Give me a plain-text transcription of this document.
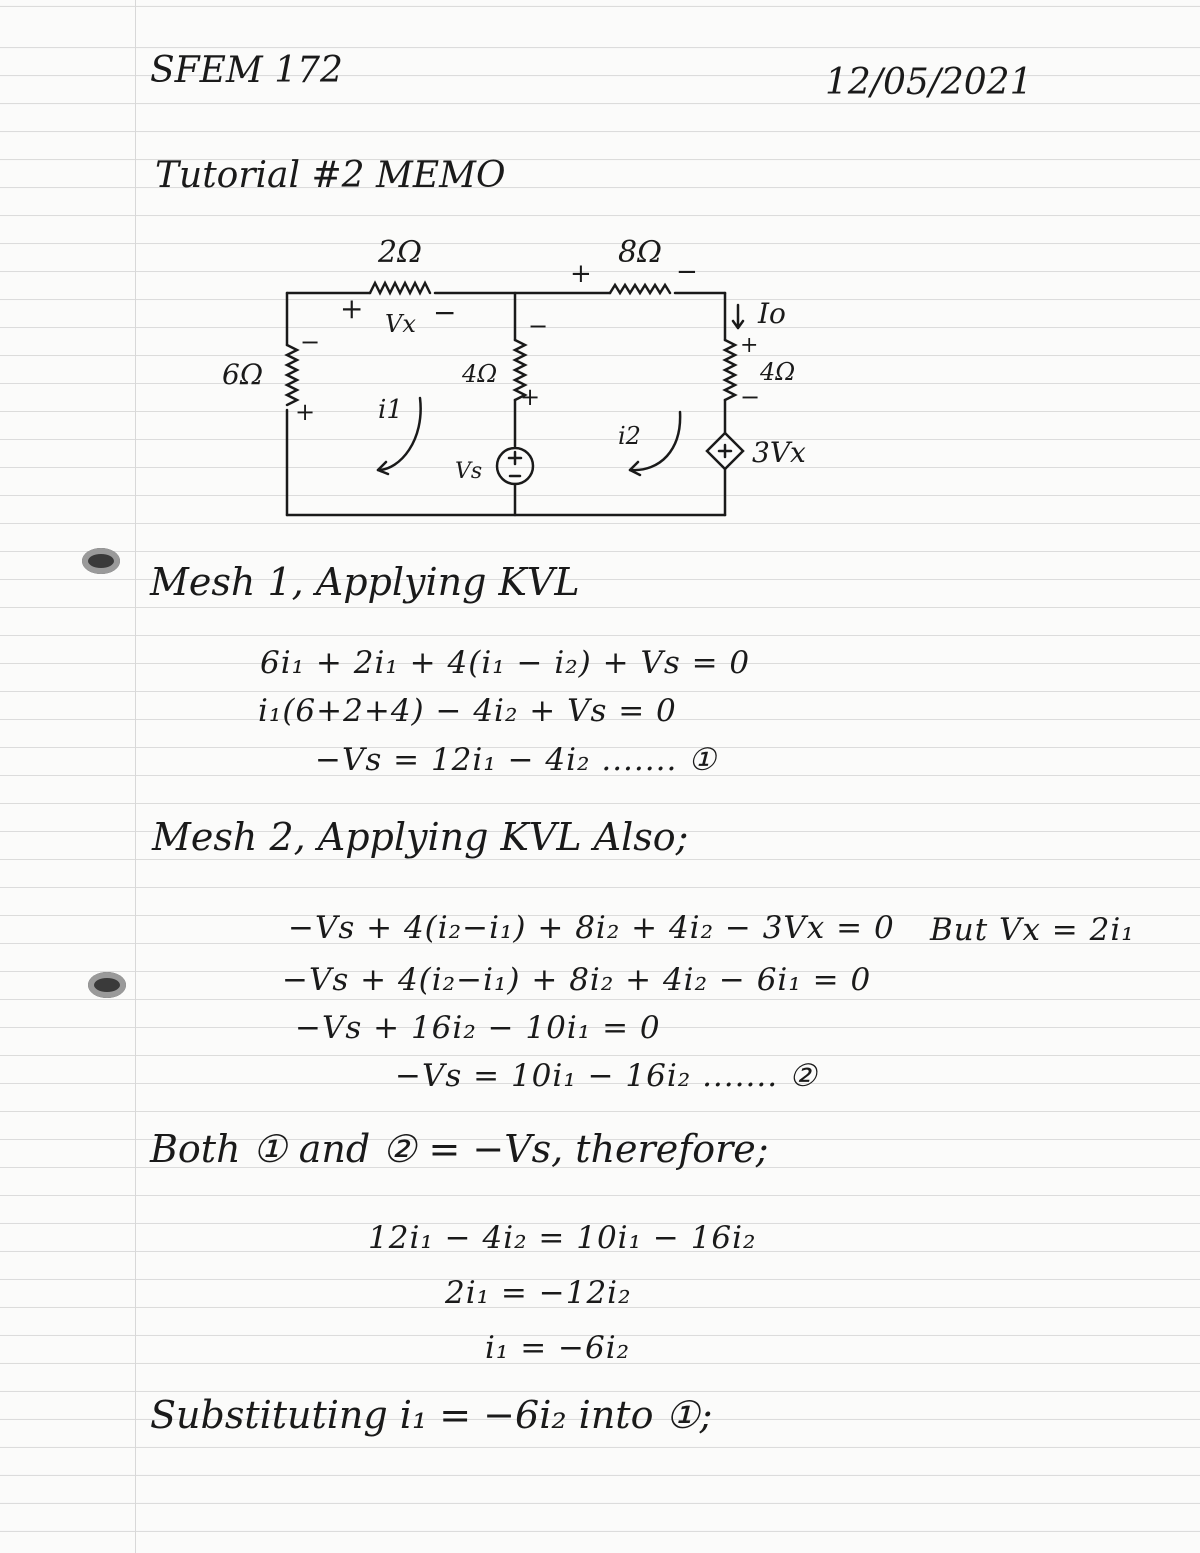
SFEM 172	12/05/2021

Tutorial #2 MEMO

2Ω	8Ω
6Ω	4Ω	4Ω
Io
Vx
Vs
3Vx
i1
i2
+ −
+	−
−
+
−
+
+
−

Mesh 1, Applying KVL

6i₁ + 2i₁ + 4(i₁ − i₂) + Vs = 0

i₁(6+2+4) − 4i₂ + Vs = 0

−Vs = 12i₁ − 4i₂ ....... ①

Mesh 2, Applying KVL Also;

−Vs + 4(i₂−i₁) + 8i₂ + 4i₂ − 3Vx = 0 But Vx = 2i₁

−Vs + 4(i₂−i₁) + 8i₂ + 4i₂ − 6i₁ = 0

−Vs + 16i₂ − 10i₁ = 0

−Vs = 10i₁ − 16i₂ ....... ②

Both ① and ② = −Vs, therefore;

12i₁ − 4i₂ = 10i₁ − 16i₂

2i₁ = −12i₂

i₁ = −6i₂

Substituting i₁ = −6i₂ into ①;
